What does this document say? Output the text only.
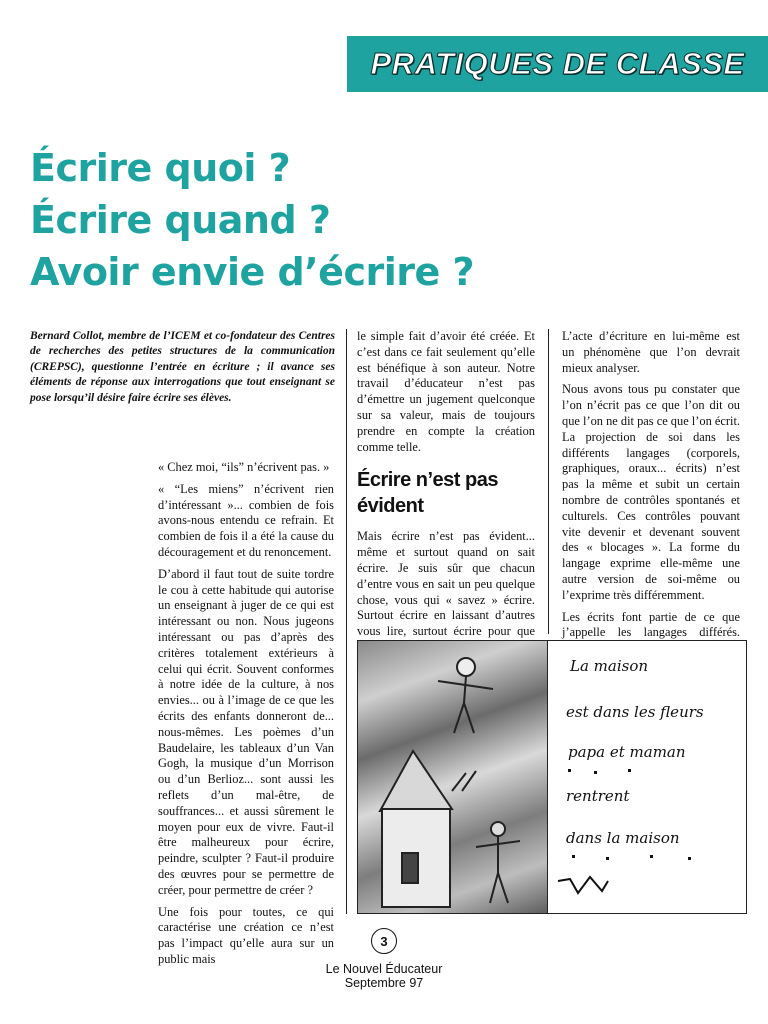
PRATIQUES DE CLASSE
Écrire quoi ?
Écrire quand ?
Avoir envie d’écrire ?

Bernard Collot, membre de l’ICEM et co-fondateur des Centres de recherches des petites structures de la communication (CREPSC), questionne l’entrée en écriture ; il avance ses éléments de réponse aux interrogations que tout enseignant se pose lorsqu’il désire faire écrire ses élèves.

« Chez moi, “ils” n’écrivent pas. »

« “Les miens” n’écrivent rien d’intéressant »... combien de fois avons-nous entendu ce refrain. Et combien de fois il a été la cause du découragement et du renoncement.

D’abord il faut tout de suite tordre le cou à cette habitude qui autorise un enseignant à juger de ce qui est intéressant ou non. Nous jugeons intéressant ou pas d’après des critères totalement extérieurs à celui qui écrit. Souvent conformes à notre idée de la culture, à nos envies... ou à l’image de ce que les écrits des enfants donneront de... nous-mêmes. Les poèmes d’un Baudelaire, les tableaux d’un Van Gogh, la musique d’un Morrison ou d’un Berlioz... sont aussi les reflets d’un mal-être, de souffrances... et aussi sûrement le moyen pour eux de vivre. Faut-il être malheureux pour écrire, peindre, sculpter ? Faut-il produire des œuvres pour se permettre de créer, pour permettre de créer ?

Une fois pour toutes, ce qui caractérise une création ce n’est pas l’impact qu’elle aura sur un public mais

le simple fait d’avoir été créée. Et c’est dans ce fait seulement qu’elle est bénéfique à son auteur. Notre travail d’éducateur n’est pas d’émettre un jugement quelconque sur sa valeur, mais de toujours prendre en compte la création comme telle.

Écrire n’est pas évident

Mais écrire n’est pas évident... même et surtout quand on sait écrire. Je suis sûr que chacun d’entre vous en sait un peu quelque chose, vous qui « savez » écrire. Surtout écrire en laissant d’autres vous lire, surtout écrire pour que

L’acte d’écriture en lui-même est un phénomène que l’on devrait mieux analyser.

Nous avons tous pu constater que l’on n’écrit pas ce que l’on dit ou que l’on ne dit pas ce que l’on écrit. La projection de soi dans les différents langages (corporels, graphiques, oraux... écrits) n’est pas la même et subit un certain nombre de contrôles spontanés et culturels. Ces contrôles pouvant vite devenir et devenant souvent des « blocages ». La forme du langage exprime elle-même une autre version de soi-même ou l’exprime très différemment.

Les écrits font partie de ce que j’appelle les langages différés.

La maison
est dans les fleurs
papa et maman
rentrent
dans la maison
3
Le Nouvel Éducateur
Septembre 97
